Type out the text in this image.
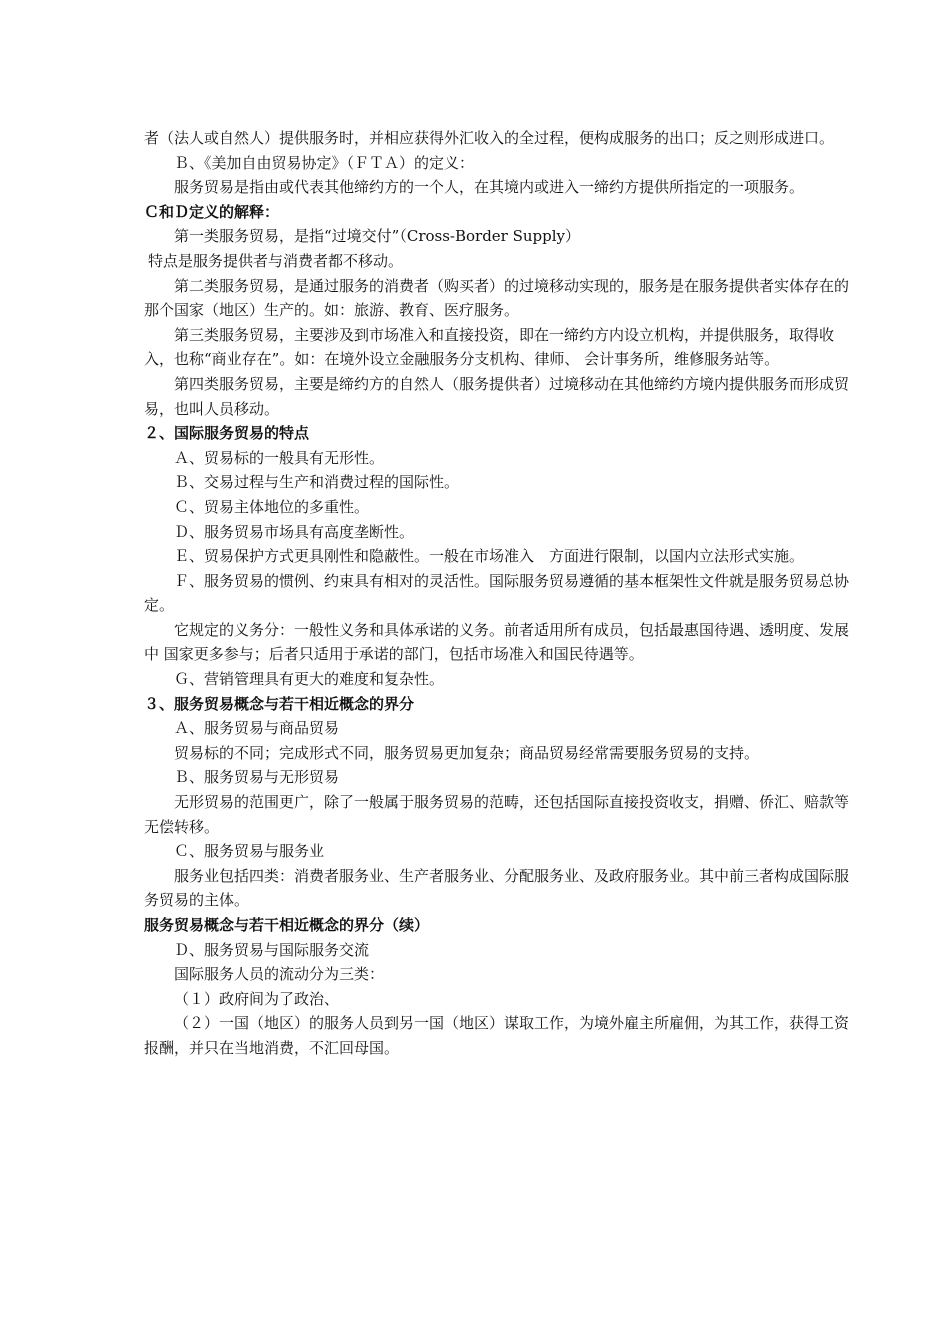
者（法人或自然人）提供服务时，并相应获得外汇收入的全过程，便构成服务的出口；反之则形成进口。

Ｂ、《美加自由贸易协定》（ＦＴＡ）的定义：

服务贸易是指由或代表其他缔约方的一个人，在其境内或进入一缔约方提供所指定的一项服务。

Ｃ和Ｄ定义的解释：

第一类服务贸易，是指“过境交付”（Cross-Border Supply）

特点是服务提供者与消费者都不移动。

第二类服务贸易，是通过服务的消费者（购买者）的过境移动实现的，服务是在服务提供者实体存在的那个国家（地区）生产的。如：旅游、教育、医疗服务。

第三类服务贸易，主要涉及到市场准入和直接投资，即在一缔约方内设立机构，并提供服务，取得收入，也称“商业存在”。如：在境外设立金融服务分支机构、律师、 会计事务所，维修服务站等。

第四类服务贸易，主要是缔约方的自然人（服务提供者）过境移动在其他缔约方境内提供服务而形成贸易，也叫人员移动。

２、国际服务贸易的特点

Ａ、贸易标的一般具有无形性。

Ｂ、交易过程与生产和消费过程的国际性。

Ｃ、贸易主体地位的多重性。

Ｄ、服务贸易市场具有高度垄断性。

Ｅ、贸易保护方式更具刚性和隐蔽性。一般在市场准入　方面进行限制，以国内立法形式实施。

Ｆ、服务贸易的惯例、约束具有相对的灵活性。国际服务贸易遵循的基本框架性文件就是服务贸易总协定。

它规定的义务分：一般性义务和具体承诺的义务。前者适用所有成员，包括最惠国待遇、透明度、发展中 国家更多参与；后者只适用于承诺的部门，包括市场准入和国民待遇等。

Ｇ、营销管理具有更大的难度和复杂性。

３、服务贸易概念与若干相近概念的界分

Ａ、服务贸易与商品贸易

贸易标的不同；完成形式不同，服务贸易更加复杂；商品贸易经常需要服务贸易的支持。

Ｂ、服务贸易与无形贸易

无形贸易的范围更广，除了一般属于服务贸易的范畴，还包括国际直接投资收支，捐赠、侨汇、赔款等无偿转移。

Ｃ、服务贸易与服务业

服务业包括四类：消费者服务业、生产者服务业、分配服务业、及政府服务业。其中前三者构成国际服务贸易的主体。

服务贸易概念与若干相近概念的界分（续）

Ｄ、服务贸易与国际服务交流

国际服务人员的流动分为三类：

（１）政府间为了政治、

（２）一国（地区）的服务人员到另一国（地区）谋取工作，为境外雇主所雇佣，为其工作，获得工资报酬，并只在当地消费，不汇回母国。
